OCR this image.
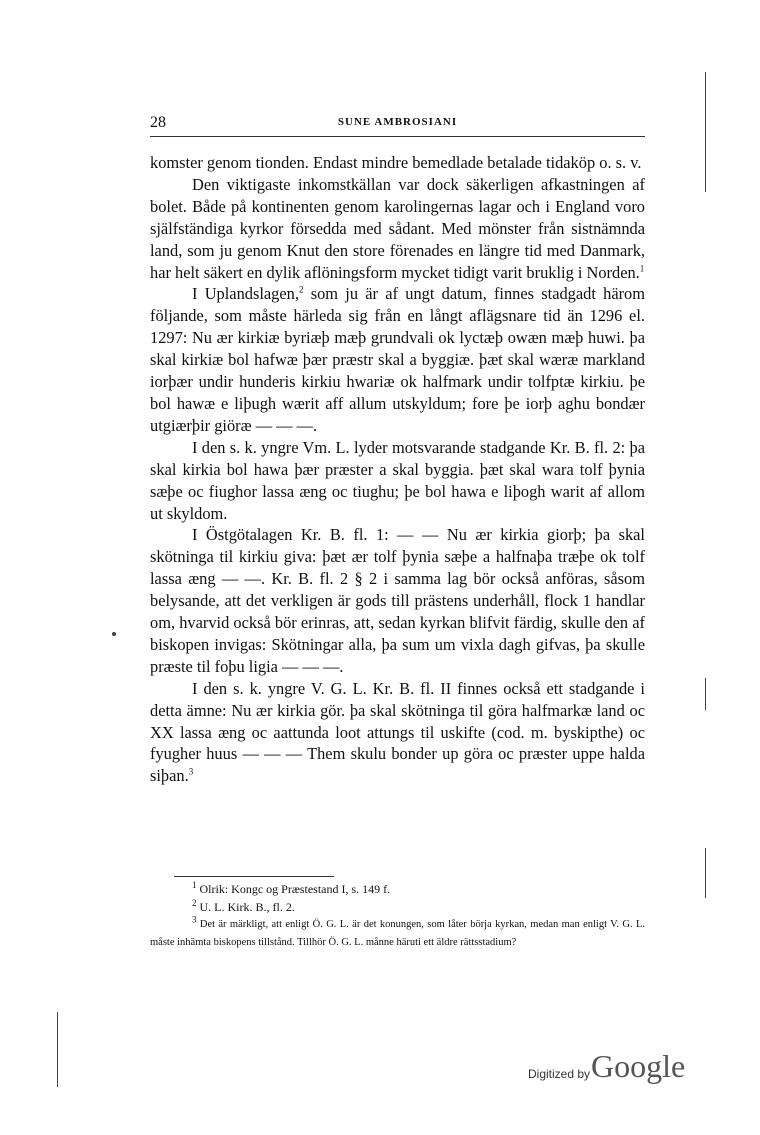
28	SUNE AMBROSIANI

komster genom tionden. Endast mindre bemedlade betalade tidaköp o. s. v.

Den viktigaste inkomstkällan var dock säkerligen afkastningen af bolet. Både på kontinenten genom karolingernas lagar och i England voro själfständiga kyrkor försedda med sådant. Med mönster från sistnämnda land, som ju genom Knut den store förenades en längre tid med Danmark, har helt säkert en dylik aflöningsform mycket tidigt varit bruklig i Norden.$^1$

I Uplandslagen,$^2$ som ju är af ungt datum, finnes stadgadt härom följande, som måste härleda sig från en långt aflägsnare tid än 1296 el. 1297: Nu ær kirkiæ byriæþ mæþ grundvali ok lyctæþ owæn mæþ huwi. þa skal kirkiæ bol hafwæ þær præstr skal a byggiæ. þæt skal wæræ markland iorþær undir hunderis kirkiu hwariæ ok halfmark undir tolfptæ kirkiu. þe bol hawæ e liþugh wærit aff allum utskyldum; fore þe iorþ aghu bondær utgiærþir giöræ — — —.

I den s. k. yngre Vm. L. lyder motsvarande stadgande Kr. B. fl. 2: þa skal kirkia bol hawa þær præster a skal byggia. þæt skal wara tolf þynia sæþe oc fiughor lassa æng oc tiughu; þe bol hawa e liþogh warit af allom ut skyldom.

I Östgötalagen Kr. B. fl. 1: — — Nu ær kirkia giorþ; þa skal skötninga til kirkiu giva: þæt ær tolf þynia sæþe a halfnaþa træþe ok tolf lassa æng — —. Kr. B. fl. 2 § 2 i samma lag bör också anföras, såsom belysande, att det verkligen är gods till prästens underhåll, flock 1 handlar om, hvarvid också bör erinras, att, sedan kyrkan blifvit färdig, skulle den af biskopen invigas: Skötningar alla, þa sum um vixla dagh gifvas, þa skulle præste til foþu ligia — — —.

I den s. k. yngre V. G. L. Kr. B. fl. II finnes också ett stadgande i detta ämne: Nu ær kirkia gör. þa skal skötninga til göra halfmarkæ land oc XX lassa æng oc aattunda loot attungs til uskifte (cod. m. byskipthe) oc fyugher huus — — — Them skulu bonder up göra oc præster uppe halda siþan.$^3$

$^1$ Olrik: Kongc og Præstestand I, s. 149 f.

$^2$ U. L. Kirk. B., fl. 2.

$^3$ Det är märkligt, att enligt Ö. G. L. är det konungen, som låter börja kyrkan, medan man enligt V. G. L. måste inhämta biskopens tillstånd. Tillhör Ö. G. L. månne häruti ett äldre rättsstadium?

Digitized by Google
